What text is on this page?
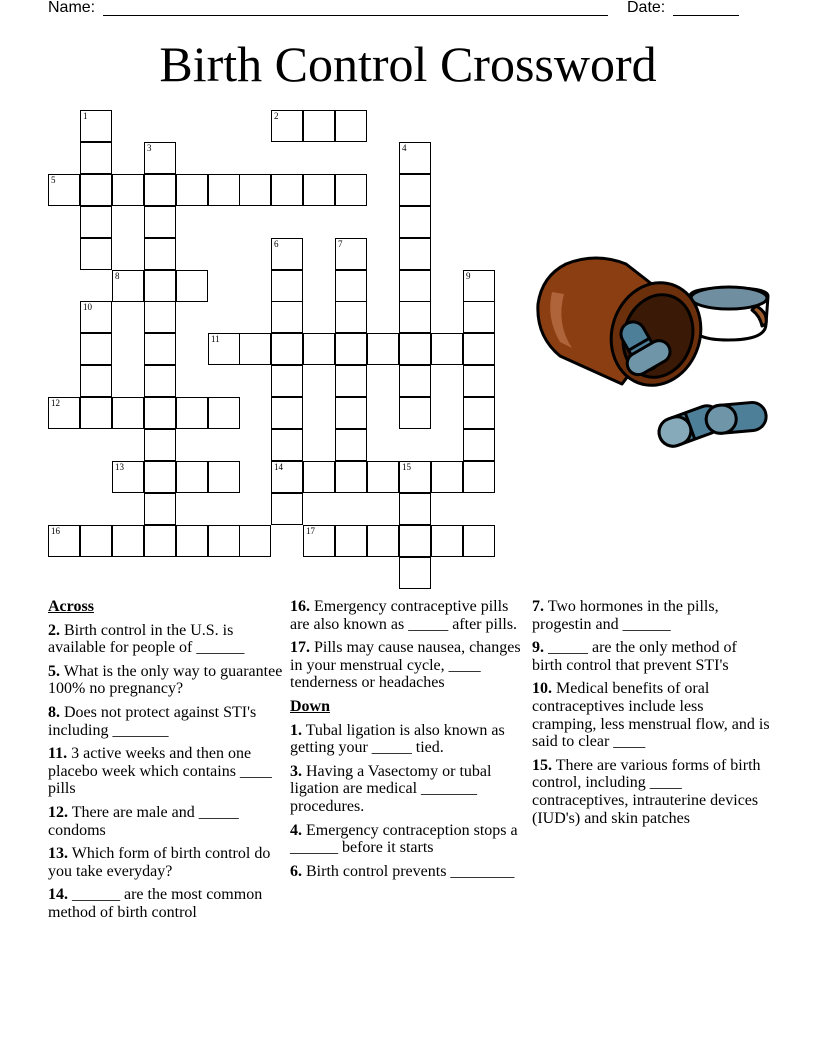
Name:	Date:
Birth Control Crossword
1	2
3	4
5
6	7
8	9
10
11
12
13	14	15
16	17
Across
2. Birth control in the U.S. is available for people of ______
5. What is the only way to guarantee 100% no pregnancy?
8. Does not protect against STI's including _______
11. 3 active weeks and then one placebo week which contains ____ pills
12. There are male and _____ condoms
13. Which form of birth control do you take everyday?
14. ______ are the most common method of birth control
16. Emergency contraceptive pills are also known as _____ after pills.
17. Pills may cause nausea, changes in your menstrual cycle, ____ tenderness or headaches
Down
1. Tubal ligation is also known as getting your _____ tied.
3. Having a Vasectomy or tubal ligation are medical _______ procedures.
4. Emergency contraception stops a ______ before it starts
6. Birth control prevents ________
7. Two hormones in the pills, progestin and ______
9. _____ are the only method of birth control that prevent STI's
10. Medical benefits of oral contraceptives include less cramping, less menstrual flow, and is said to clear ____
15. There are various forms of birth control, including ____ contraceptives, intrauterine devices (IUD's) and skin patches
